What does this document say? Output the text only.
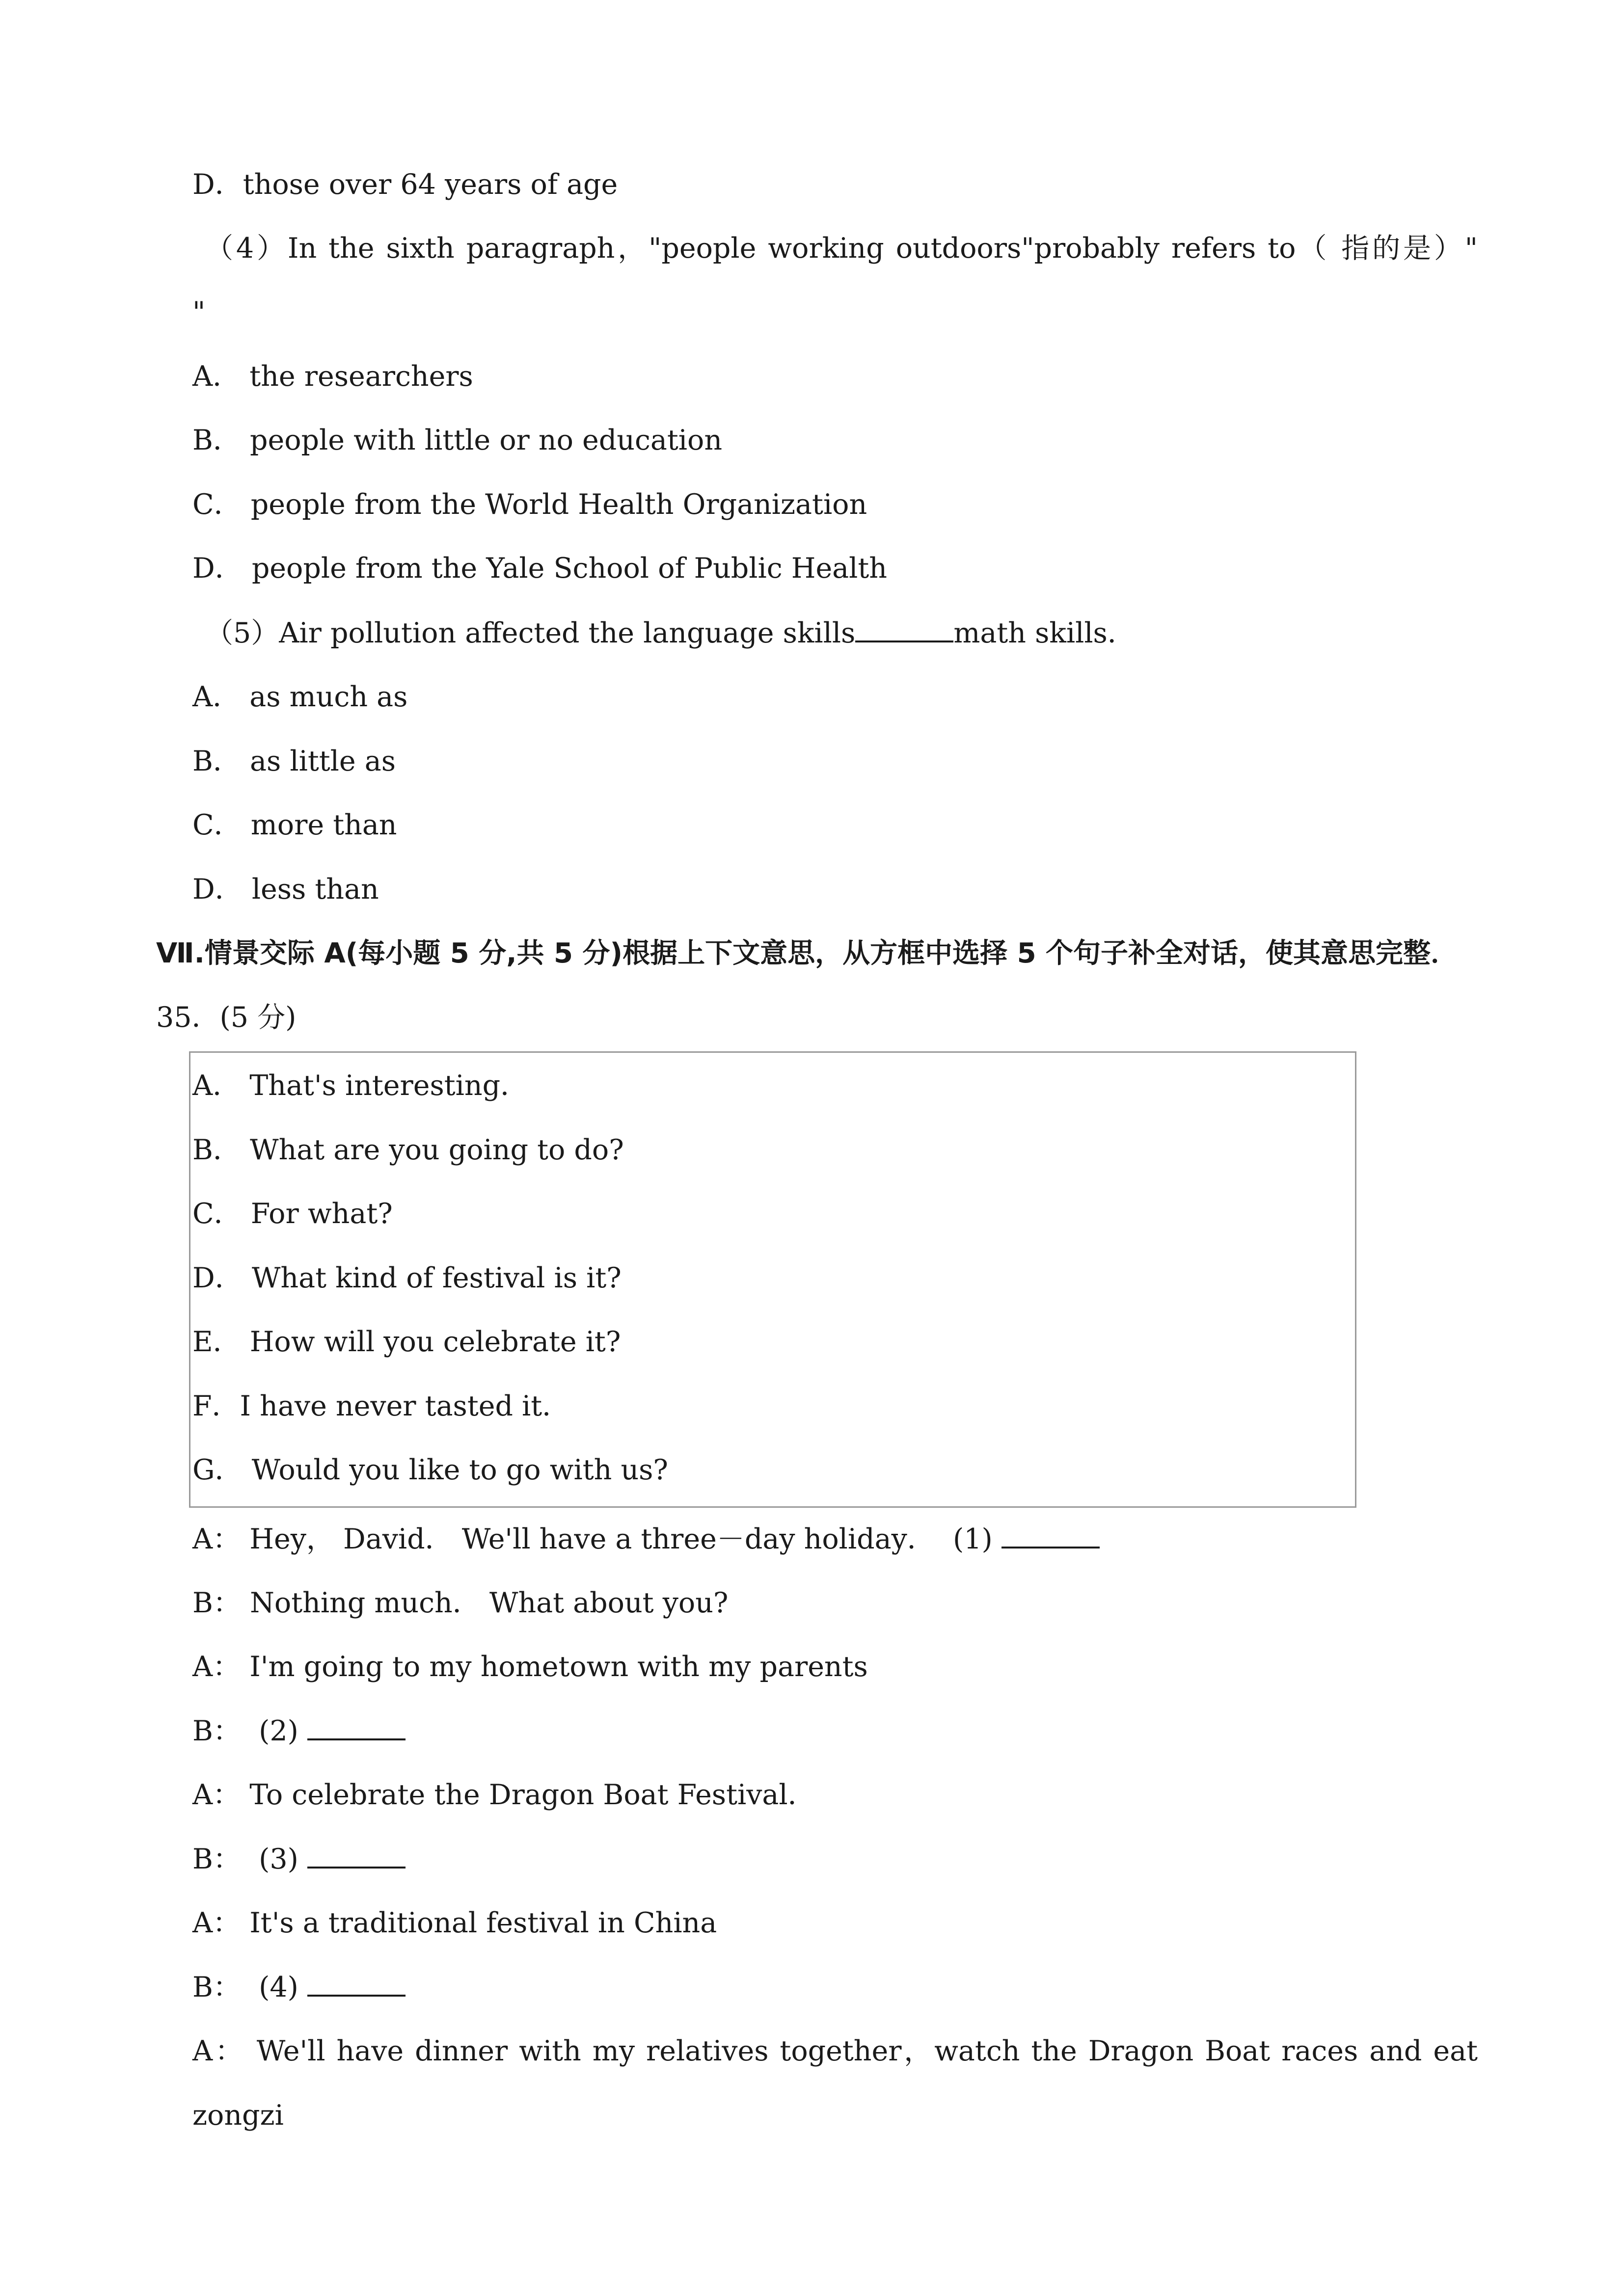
D．those over 64 years of age
（4）In the sixth paragraph，"people working outdoors"probably refers to（ 指的是）"
"
A． the researchers
B． people with little or no education
C． people from the World Health Organization
D． people from the Yale School of Public Health
（5）Air pollution affected the language skills	math skills．
A． as much as
B． as little as
C． more than
D． less than
Ⅶ.情景交际 A(每小题 5 分,共 5 分)根据上下文意思，从方框中选择 5 个句子补全对话，使其意思完整．
35．(5 分)
A． That's interesting．
B． What are you going to do?
C． For what?
D． What kind of festival is it?
E． How will you celebrate it?
F．I have never tasted it．
G． Would you like to go with us?
A： Hey， David． We'll have a three－day holiday．  (1)
B： Nothing much． What about you?
A： I'm going to my hometown with my parents
B：  (2)
A： To celebrate the Dragon Boat Festival．
B：  (3)
A： It's a traditional festival in China
B：  (4)
A： We'll have dinner with my relatives together，watch the Dragon Boat races and eat
zongzi
